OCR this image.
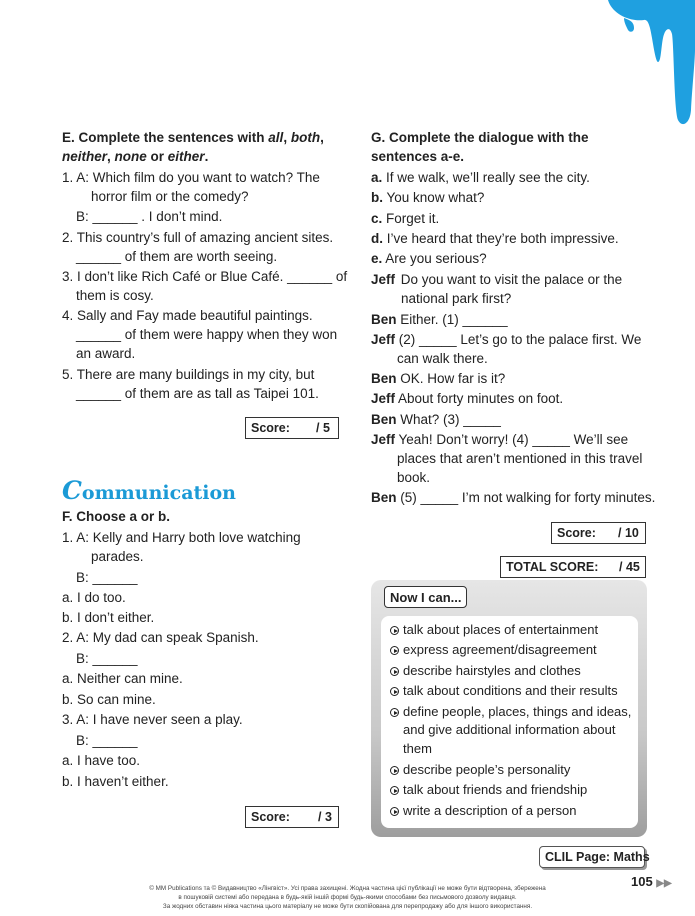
E. Complete the sentences with all, both,
neither, none or either.
1. A: Which film do you want to watch? The
horror film or the comedy?
B: ______ . I don’t mind.
2. This country’s full of amazing ancient sites.
______ of them are worth seeing.
3. I don’t like Rich Café or Blue Café. ______ of
them is cosy.
4. Sally and Fay made beautiful paintings.
______ of them were happy when they won
an award.
5. There are many buildings in my city, but
______ of them are as tall as Taipei 101.
Score: / 5
Communication
F. Choose a or b.
1. A: Kelly and Harry both love watching
parades.
B: ______
a. I do too.
b. I don’t either.
2. A: My dad can speak Spanish.
B: ______
a. Neither can mine.
b. So can mine.
3. A: I have never seen a play.
B: ______
a. I have too.
b. I haven’t either.
Score: / 3
G. Complete the dialogue with the
sentences a-e.
a. If we walk, we’ll really see the city.
b. You know what?
c. Forget it.
d. I’ve heard that they’re both impressive.
e. Are you serious?
Jeff Do you want to visit the palace or the
national park first?
Ben Either. (1) ______
Jeff (2) _____ Let’s go to the palace first. We
can walk there.
Ben OK. How far is it?
Jeff About forty minutes on foot.
Ben What? (3) _____
Jeff Yeah! Don’t worry! (4) _____ We’ll see
places that aren’t mentioned in this travel
book.
Ben (5) _____ I’m not walking for forty minutes.
Score: / 10
TOTAL SCORE: / 45
Now I can...
talk about places of entertainment
express agreement/disagreement
describe hairstyles and clothes
talk about conditions and their results
define people, places, things and ideas,
and give additional information about
them
describe people’s personality
talk about friends and friendship
write a description of a person
CLIL Page: Maths
105 ▶▶
© MM Publications та © Видавництво «Лінгвіст». Усі права захищені. Жодна частина цієї публікації не може бути відтворена, збережена
в пошуковій системі або передана в будь-якій іншій формі будь-якими способами без письмового дозволу видавця.
За жодних обставин ніяка частина цього матеріалу не може бути скопійована для перепродажу або для іншого використання.
